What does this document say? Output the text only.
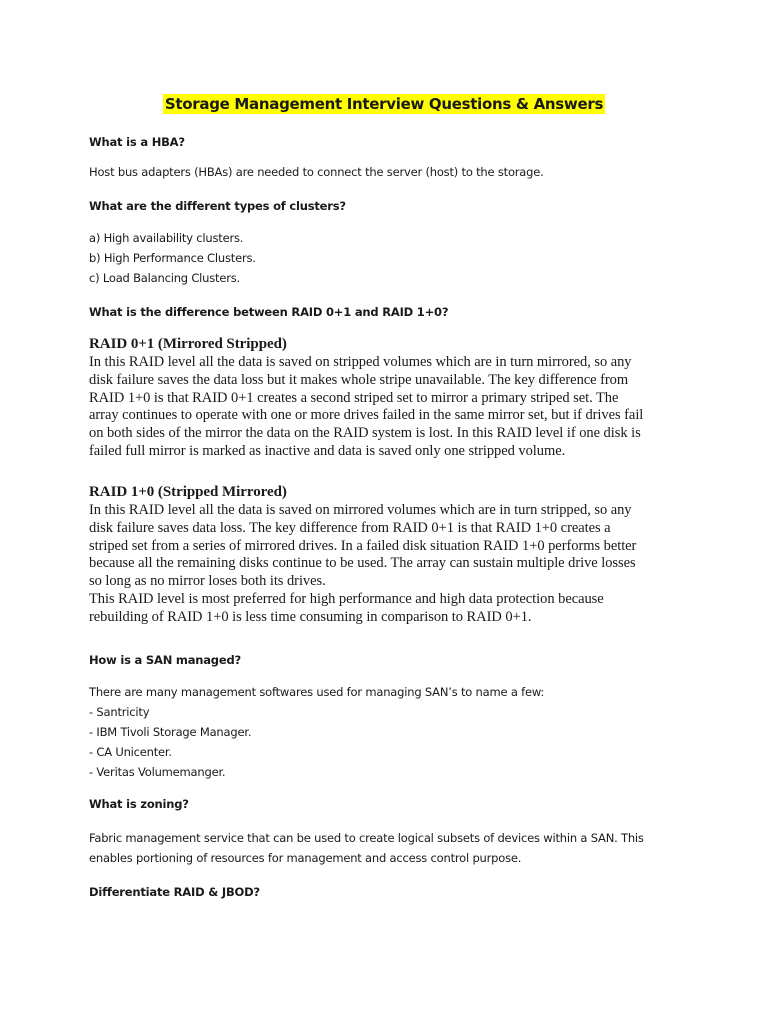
Storage Management Interview Questions & Answers
What is a HBA?
Host bus adapters (HBAs) are needed to connect the server (host) to the storage.
What are the different types of clusters?
a) High availability clusters.
b) High Performance Clusters.
c) Load Balancing Clusters.
What is the difference between RAID 0+1 and RAID 1+0?
RAID 0+1 (Mirrored Stripped)
In this RAID level all the data is saved on stripped volumes which are in turn mirrored, so any
disk failure saves the data loss but it makes whole stripe unavailable. The key difference from
RAID 1+0 is that RAID 0+1 creates a second striped set to mirror a primary striped set. The
array continues to operate with one or more drives failed in the same mirror set, but if drives fail
on both sides of the mirror the data on the RAID system is lost. In this RAID level if one disk is
failed full mirror is marked as inactive and data is saved only one stripped volume.
RAID 1+0 (Stripped Mirrored)
In this RAID level all the data is saved on mirrored volumes which are in turn stripped, so any
disk failure saves data loss. The key difference from RAID 0+1 is that RAID 1+0 creates a
striped set from a series of mirrored drives. In a failed disk situation RAID 1+0 performs better
because all the remaining disks continue to be used. The array can sustain multiple drive losses
so long as no mirror loses both its drives.
This RAID level is most preferred for high performance and high data protection because
rebuilding of RAID 1+0 is less time consuming in comparison to RAID 0+1.
How is a SAN managed?
There are many management softwares used for managing SAN’s to name a few:
- Santricity
- IBM Tivoli Storage Manager.
- CA Unicenter.
- Veritas Volumemanger.
What is zoning?
Fabric management service that can be used to create logical subsets of devices within a SAN. This
enables portioning of resources for management and access control purpose.
Differentiate RAID & JBOD?
